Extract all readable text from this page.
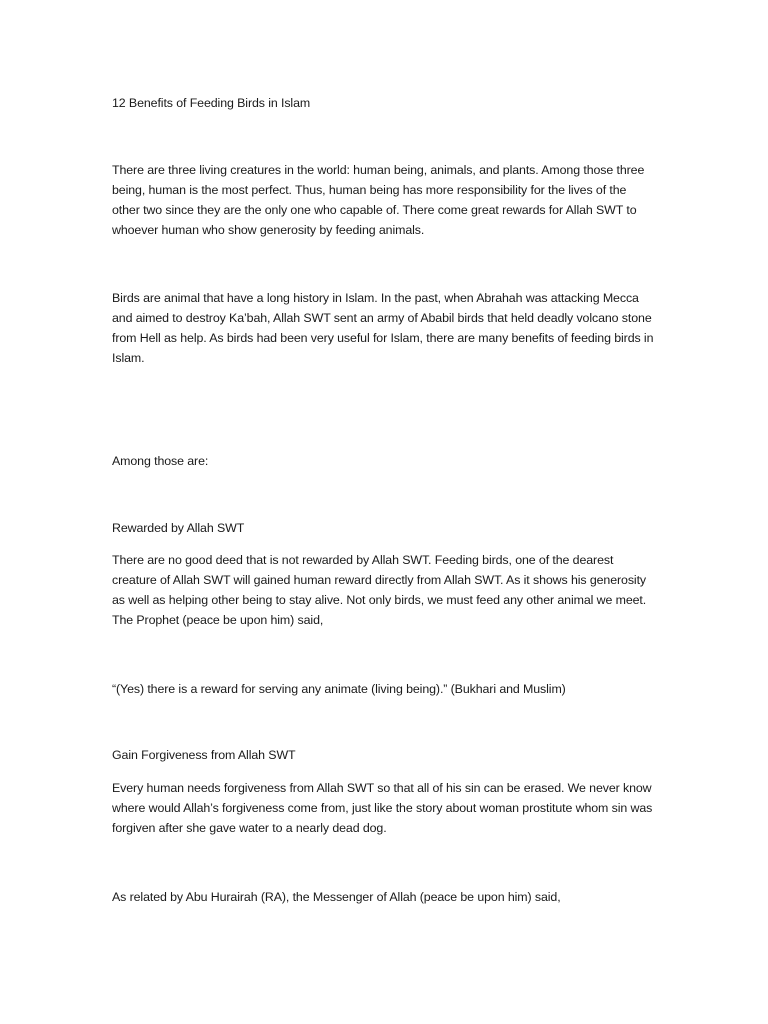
12 Benefits of Feeding Birds in Islam

There are three living creatures in the world: human being, animals, and plants. Among those three being, human is the most perfect. Thus, human being has more responsibility for the lives of the other two since they are the only one who capable of. There come great rewards for Allah SWT to whoever human who show generosity by feeding animals.

Birds are animal that have a long history in Islam. In the past, when Abrahah was attacking Mecca and aimed to destroy Ka’bah, Allah SWT sent an army of Ababil birds that held deadly volcano stone from Hell as help. As birds had been very useful for Islam, there are many benefits of feeding birds in Islam.

Among those are:

Rewarded by Allah SWT

There are no good deed that is not rewarded by Allah SWT. Feeding birds, one of the dearest creature of Allah SWT will gained human reward directly from Allah SWT. As it shows his generosity as well as helping other being to stay alive. Not only birds, we must feed any other animal we meet. The Prophet (peace be upon him) said,

“(Yes) there is a reward for serving any animate (living being).” (Bukhari and Muslim)

Gain Forgiveness from Allah SWT

Every human needs forgiveness from Allah SWT so that all of his sin can be erased. We never know where would Allah’s forgiveness come from, just like the story about woman prostitute whom sin was forgiven after she gave water to a nearly dead dog.

As related by Abu Hurairah (RA), the Messenger of Allah (peace be upon him) said,
